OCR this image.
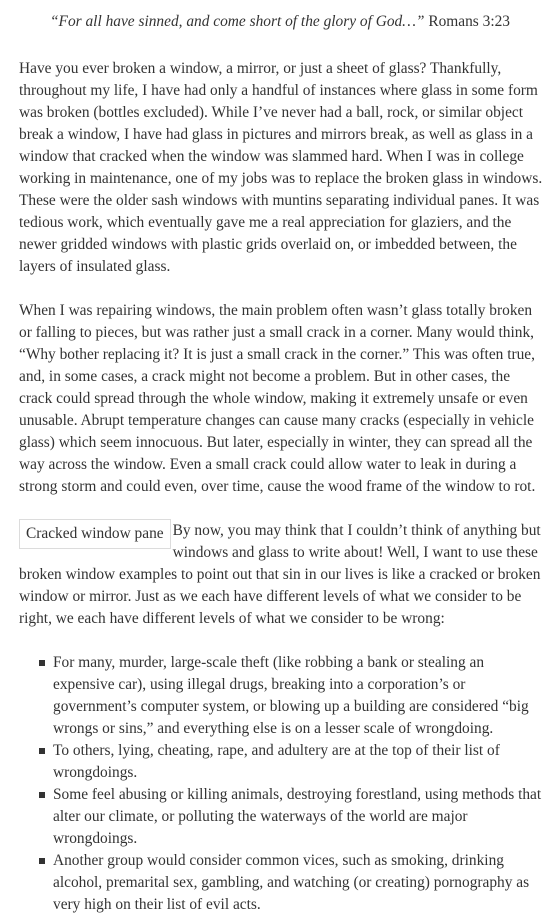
“For all have sinned, and come short of the glory of God…” Romans 3:23

Have you ever broken a window, a mirror, or just a sheet of glass? Thankfully, throughout my life, I have had only a handful of instances where glass in some form was broken (bottles excluded). While I’ve never had a ball, rock, or similar object break a window, I have had glass in pictures and mirrors break, as well as glass in a window that cracked when the window was slammed hard. When I was in college working in maintenance, one of my jobs was to replace the broken glass in windows. These were the older sash windows with muntins separating individual panes. It was tedious work, which eventually gave me a real appreciation for glaziers, and the newer gridded windows with plastic grids overlaid on, or imbedded between, the layers of insulated glass.

When I was repairing windows, the main problem often wasn’t glass totally broken or falling to pieces, but was rather just a small crack in a corner. Many would think, “Why bother replacing it? It is just a small crack in the corner.” This was often true, and, in some cases, a crack might not become a problem. But in other cases, the crack could spread through the whole window, making it extremely unsafe or even unusable. Abrupt temperature changes can cause many cracks (especially in vehicle glass) which seem innocuous. But later, especially in winter, they can spread all the way across the window. Even a small crack could allow water to leak in during a strong storm and could even, over time, cause the wood frame of the window to rot.

Cracked window pane By now, you may think that I couldn’t think of anything but windows and glass to write about! Well, I want to use these broken window examples to point out that sin in our lives is like a cracked or broken window or mirror. Just as we each have different levels of what we consider to be right, we each have different levels of what we consider to be wrong:

For many, murder, large-scale theft (like robbing a bank or stealing an expensive car), using illegal drugs, breaking into a corporation’s or government’s computer system, or blowing up a building are considered “big wrongs or sins,” and everything else is on a lesser scale of wrongdoing.
To others, lying, cheating, rape, and adultery are at the top of their list of wrongdoings.
Some feel abusing or killing animals, destroying forestland, using methods that alter our climate, or polluting the waterways of the world are major wrongdoings.
Another group would consider common vices, such as smoking, drinking alcohol, premarital sex, gambling, and watching (or creating) pornography as very high on their list of evil acts.
